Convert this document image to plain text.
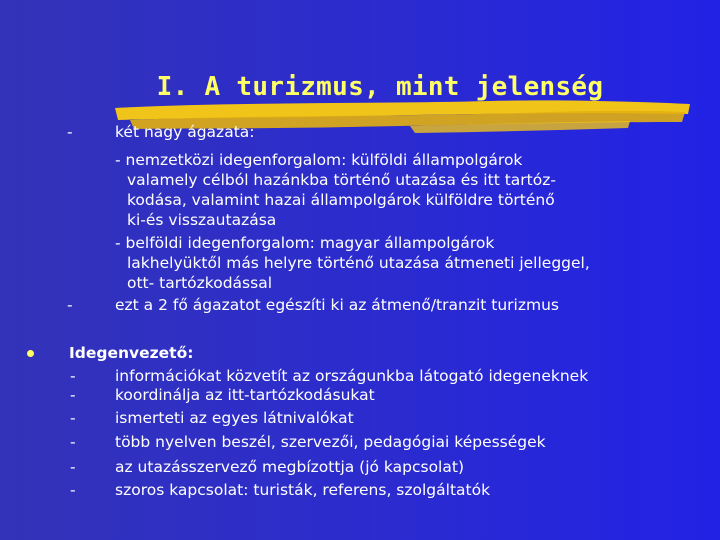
I. A turizmus, mint jelenség
-	két nagy ágazata:
- nemzetközi idegenforgalom: külföldi állampolgárok
valamely célból hazánkba történő utazása és itt tartóz-
kodása, valamint hazai állampolgárok külföldre történő
ki-és visszautazása
- belföldi idegenforgalom: magyar állampolgárok
lakhelyüktől más helyre történő utazása átmeneti jelleggel,
ott- tartózkodással
-	ezt a 2 fő ágazatot egészíti ki az átmenő/tranzit turizmus
Idegenvezető:
-	információkat közvetít az országunkba látogató idegeneknek
-	koordinálja az itt-tartózkodásukat
-	ismerteti az egyes látnivalókat
-	több nyelven beszél, szervezői, pedagógiai képességek
-	az utazásszervező megbízottja (jó kapcsolat)
-	szoros kapcsolat: turisták, referens, szolgáltatók
